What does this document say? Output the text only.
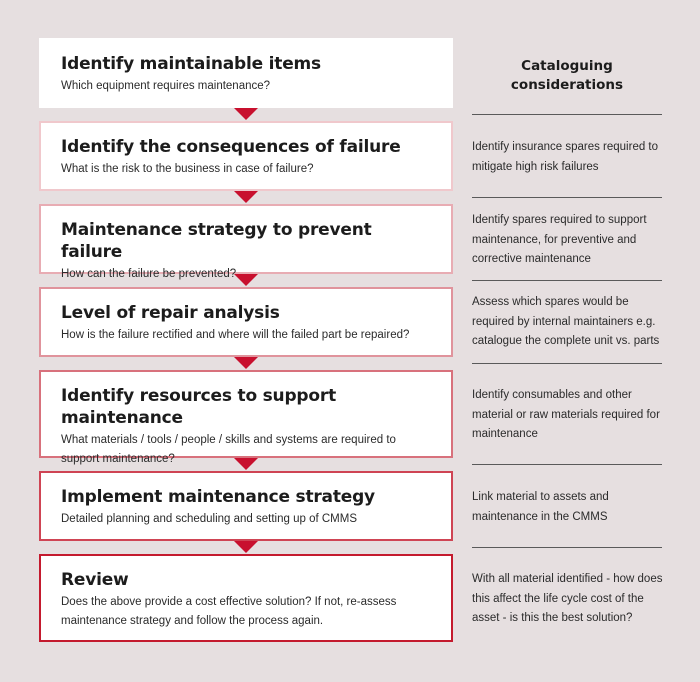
Identify maintainable items
Which equipment requires maintenance?
Identify the consequences of failure
What is the risk to the business in case of failure?
Maintenance strategy to prevent failure
How can the failure be prevented?
Level of repair analysis
How is the failure rectified and where will the failed part be repaired?
Identify resources to support maintenance
What materials / tools / people / skills and systems are required to support maintenance?
Implement maintenance strategy
Detailed planning and scheduling and setting up of CMMS
Review
Does the above provide a cost effective solution? If not, re-assess maintenance strategy and follow the process again.
Cataloguing considerations
Identify insurance spares required to mitigate high risk failures
Identify spares required to support maintenance, for preventive and corrective maintenance
Assess which spares would be required by internal maintainers e.g. catalogue the complete unit vs. parts
Identify consumables and other material or raw materials required for maintenance
Link material to assets and maintenance in the CMMS
With all material identified - how does this affect the life cycle cost of the asset - is this the best solution?
